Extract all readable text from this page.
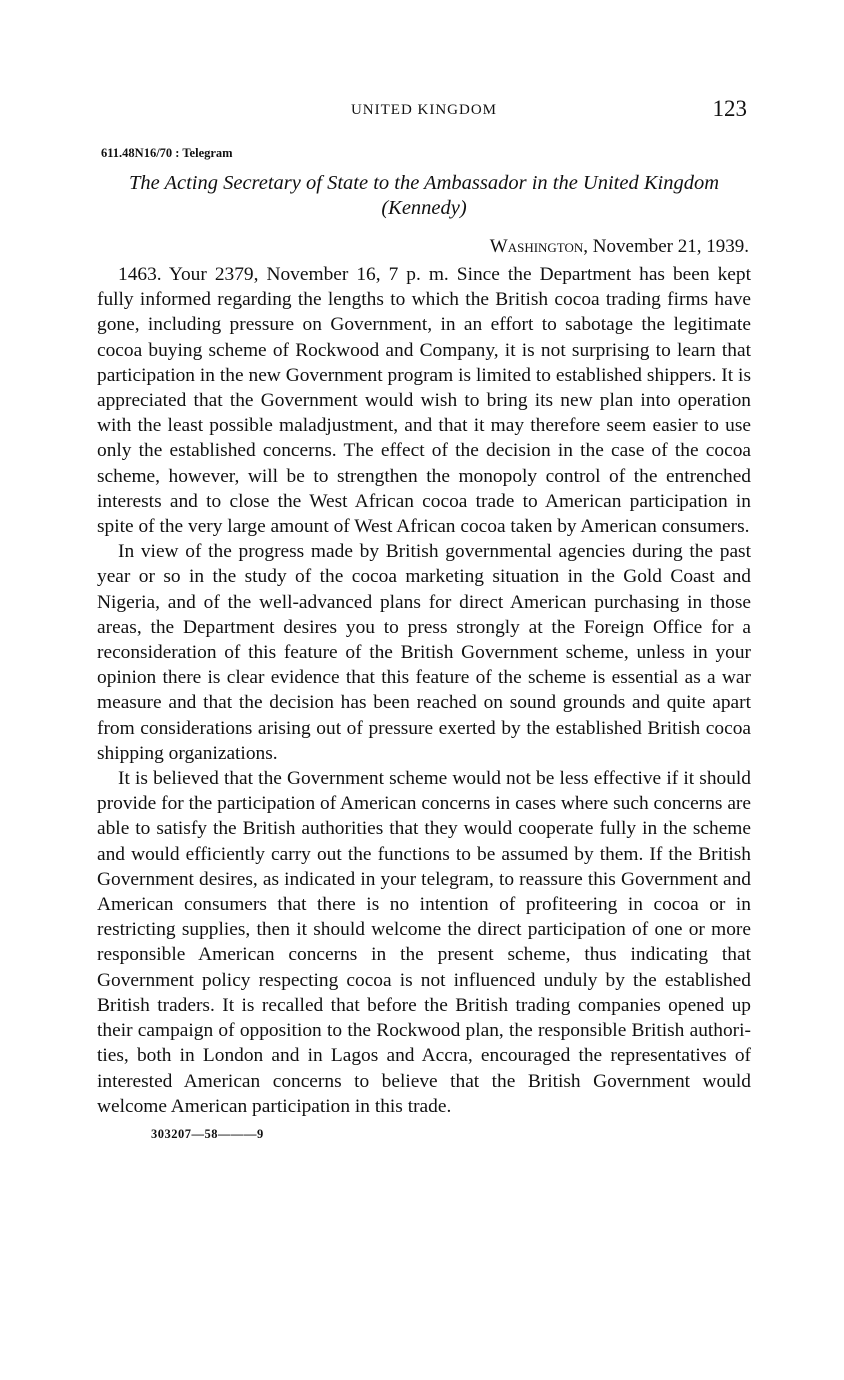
UNITED KINGDOM	123
611.48N16/70 : Telegram
The Acting Secretary of State to the Ambassador in the United Kingdom (Kennedy)
Washington, November 21, 1939.

1463. Your 2379, November 16, 7 p. m. Since the Department has been kept fully informed regarding the lengths to which the British cocoa trading firms have gone, including pressure on Government, in an effort to sabotage the legitimate cocoa buying scheme of Rockwood and Company, it is not surprising to learn that participation in the new Government program is limited to established shippers. It is appreciated that the Government would wish to bring its new plan into operation with the least possible maladjustment, and that it may therefore seem easier to use only the established concerns. The effect of the decision in the case of the cocoa scheme, however, will be to strengthen the monopoly control of the entrenched interests and to close the West African cocoa trade to American participation in spite of the very large amount of West African cocoa taken by American consumers.

In view of the progress made by British governmental agencies during the past year or so in the study of the cocoa marketing situation in the Gold Coast and Nigeria, and of the well-advanced plans for direct American purchasing in those areas, the Department desires you to press strongly at the Foreign Office for a reconsideration of this feature of the British Government scheme, unless in your opinion there is clear evidence that this feature of the scheme is essential as a war measure and that the decision has been reached on sound grounds and quite apart from considerations arising out of pressure exerted by the established British cocoa shipping organizations.

It is believed that the Government scheme would not be less effective if it should provide for the participation of American concerns in cases where such concerns are able to satisfy the British authorities that they would cooperate fully in the scheme and would efficiently carry out the functions to be assumed by them. If the British Government desires, as indicated in your telegram, to reassure this Government and American consumers that there is no intention of profiteering in cocoa or in restricting supplies, then it should welcome the direct participation of one or more responsible American concerns in the present scheme, thus indicating that Government policy respecting cocoa is not influenced unduly by the established British traders. It is recalled that before the British trading companies opened up their campaign of opposition to the Rockwood plan, the responsible British authorities, both in London and in Lagos and Accra, encouraged the representatives of interested American concerns to believe that the British Government would welcome American participation in this trade.

303207—58———9
